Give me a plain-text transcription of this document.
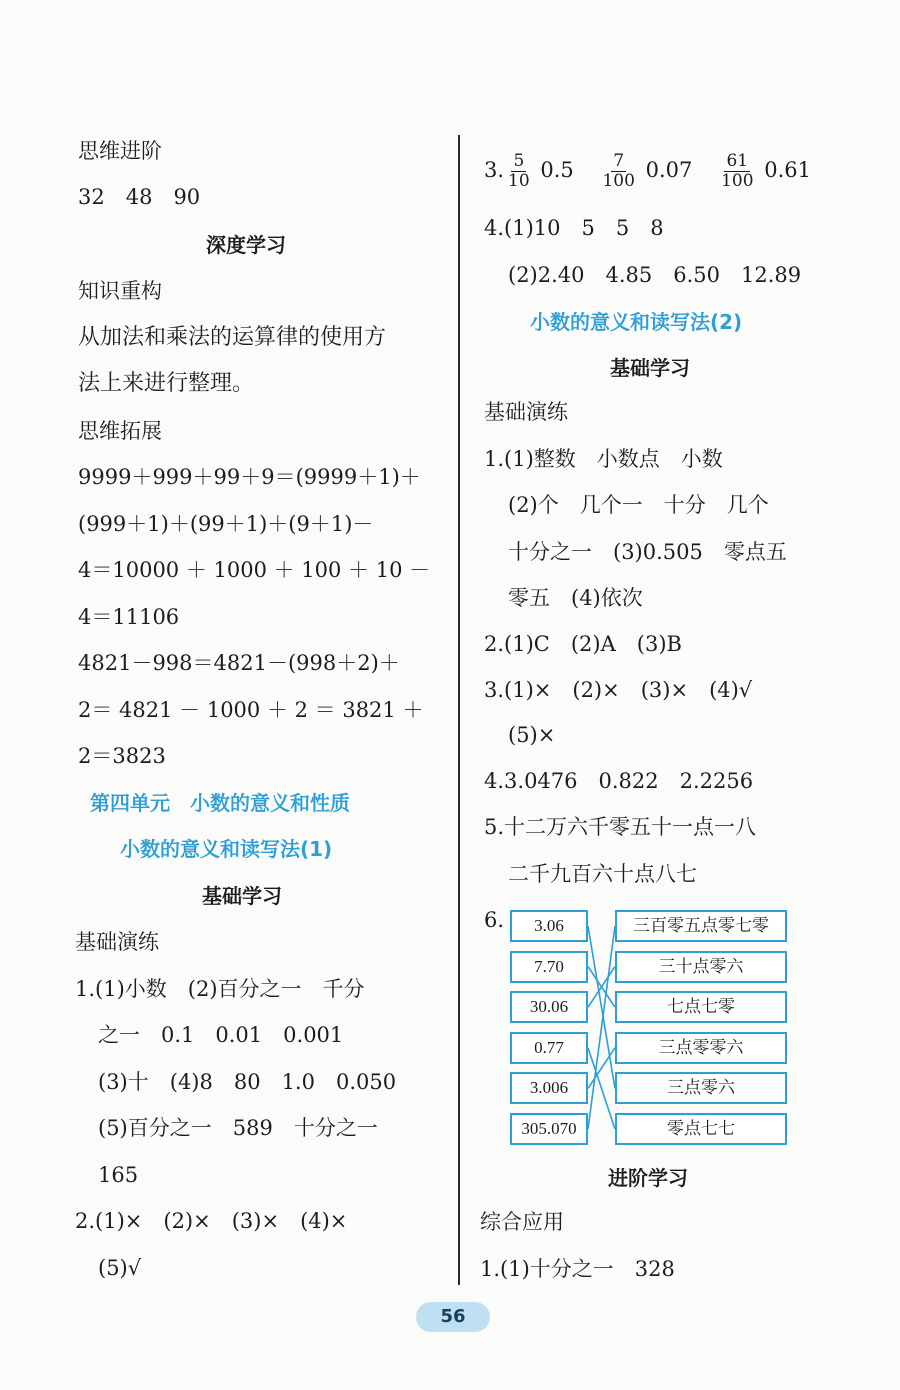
思维进阶
32　48　90
深度学习
知识重构
从加法和乘法的运算律的使用方
法上来进行整理。
思维拓展
9999＋999＋99＋9＝(9999＋1)＋
(999＋1)＋(99＋1)＋(9＋1)－
4＝10000 ＋ 1000 ＋ 100 ＋ 10 －
4＝11106
4821－998＝4821－(998＋2)＋
2＝ 4821 － 1000 ＋ 2 ＝ 3821 ＋
2＝3823
第四单元　小数的意义和性质
小数的意义和读写法(1)
基础学习
基础演练
1.(1)小数　(2)百分之一　千分
之一　0.1　0.01　0.001
(3)十　(4)8　80　1.0　0.050
(5)百分之一　589　十分之一
165
2.(1)×　(2)×　(3)×　(4)×
(5)√
3. $\frac{5}{10} 0.5 \frac{7}{100} 0.07 \frac{61}{100} 0.61$
4.(1)10　5　5　8
(2)2.40　4.85　6.50　12.89
小数的意义和读写法(2)
基础学习
基础演练
1.(1)整数　小数点　小数
(2)个　几个一　十分　几个
十分之一　(3)0.505　零点五
零五　(4)依次
2.(1)C　(2)A　(3)B
3.(1)×　(2)×　(3)×　(4)√
(5)×
4.3.0476　0.822　2.2256
5.十二万六千零五十一点一八
二千九百六十点八七
6.	3.06
7.70
30.06
0.77
3.006
305.070
三百零五点零七零
三十点零六
七点七零
三点零零六
三点零六
零点七七
进阶学习
综合应用
1.(1)十分之一　328
56
